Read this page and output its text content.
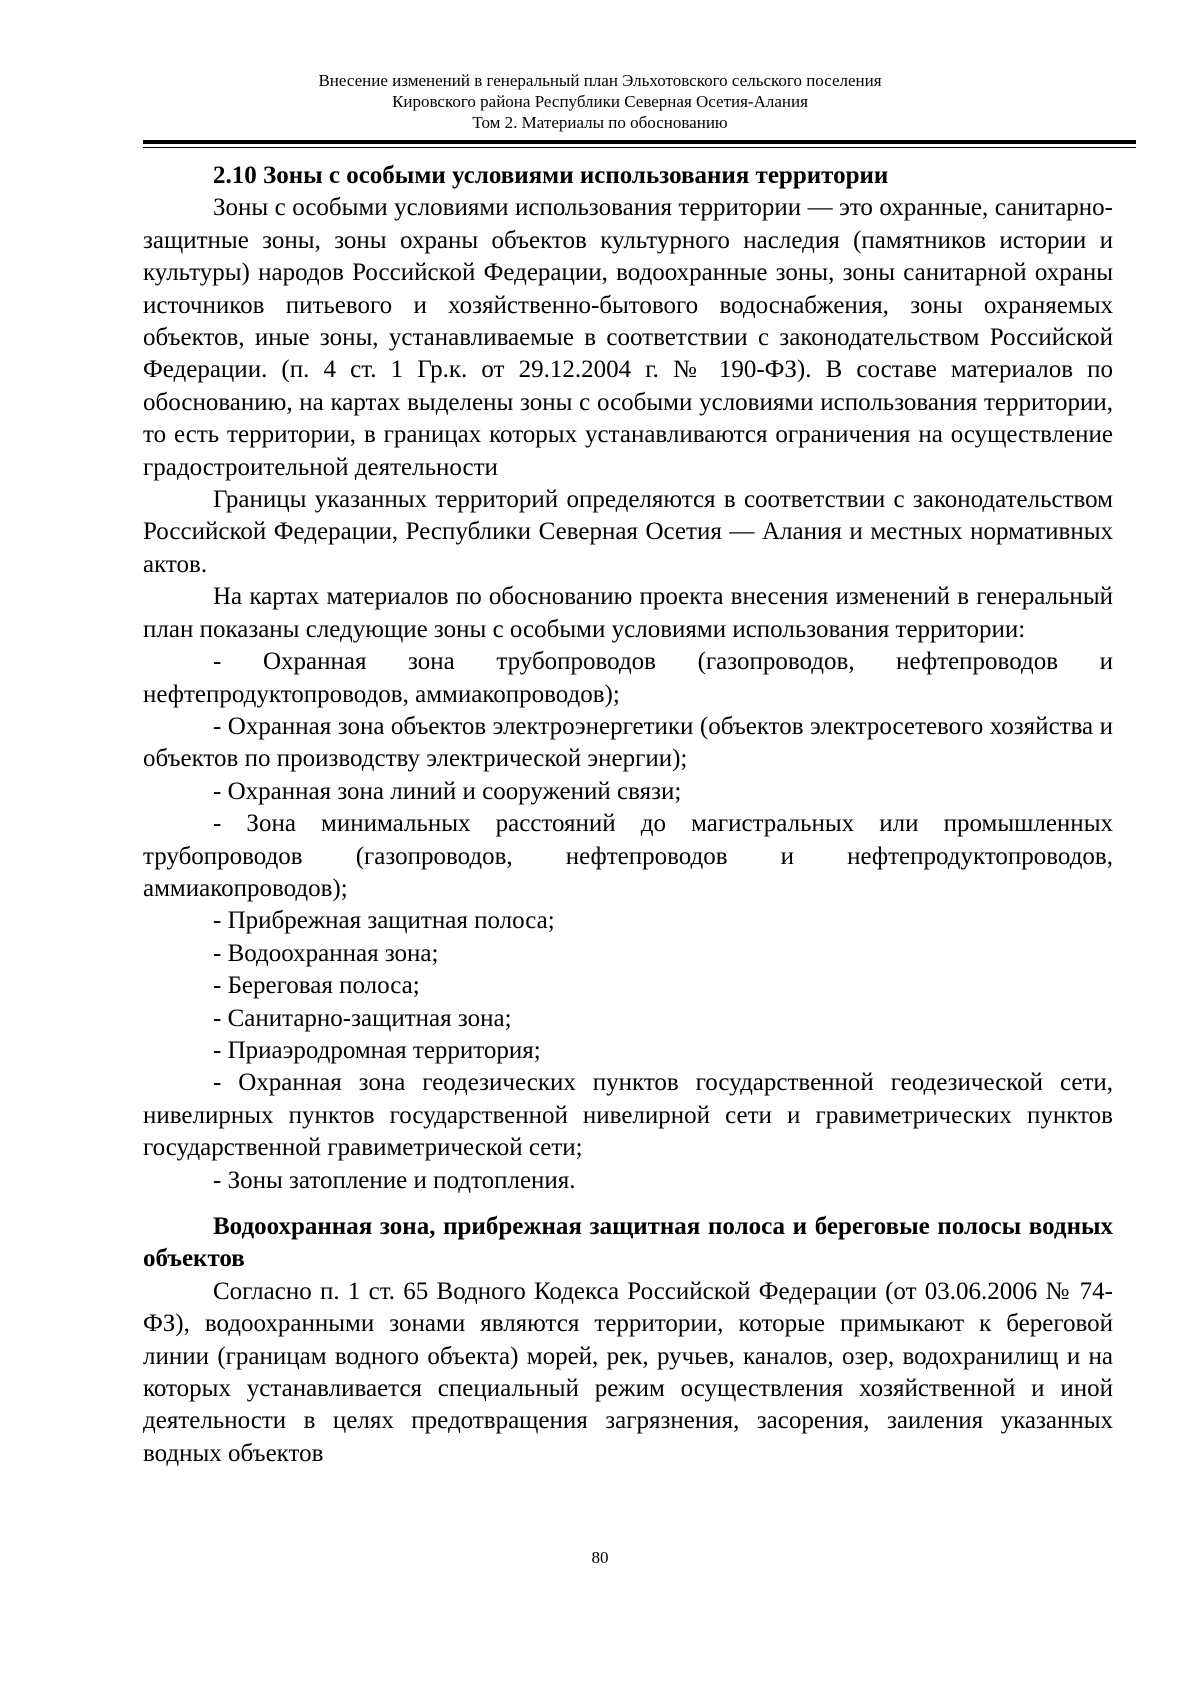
Внесение изменений в генеральный план Эльхотовского сельского поселения
Кировского района Республики Северная Осетия-Алания
Том 2. Материалы по обоснованию

2.10 Зоны с особыми условиями использования территории

Зоны с особыми условиями использования территории — это охранные, санитарно-защитные зоны, зоны охраны объектов культурного наследия (памятников истории и культуры) народов Российской Федерации, водоохранные зоны, зоны санитарной охраны источников питьевого и хозяйственно-бытового водоснабжения, зоны охраняемых объектов, иные зоны, устанавливаемые в соответствии с законодательством Российской Федерации. (п. 4 ст. 1 Гр.к. от 29.12.2004 г. № 190-ФЗ). В составе материалов по обоснованию, на картах выделены зоны с особыми условиями использования территории, то есть территории, в границах которых устанавливаются ограничения на осуществление градостроительной деятельности

Границы указанных территорий определяются в соответствии с законодательством Российской Федерации, Республики Северная Осетия — Алания и местных нормативных актов.

На картах материалов по обоснованию проекта внесения изменений в генеральный план показаны следующие зоны с особыми условиями использования территории:

- Охранная зона трубопроводов (газопроводов, нефтепроводов и нефтепродуктопроводов, аммиакопроводов);

- Охранная зона объектов электроэнергетики (объектов электросетевого хозяйства и объектов по производству электрической энергии);

- Охранная зона линий и сооружений связи;

- Зона минимальных расстояний до магистральных или промышленных трубопроводов (газопроводов, нефтепроводов и нефтепродуктопроводов, аммиакопроводов);

- Прибрежная защитная полоса;

- Водоохранная зона;

- Береговая полоса;

- Санитарно-защитная зона;

- Приаэродромная территория;

- Охранная зона геодезических пунктов государственной геодезической сети, нивелирных пунктов государственной нивелирной сети и гравиметрических пунктов государственной гравиметрической сети;

- Зоны затопление и подтопления.

Водоохранная зона, прибрежная защитная полоса и береговые полосы водных объектов

Согласно п. 1 ст. 65 Водного Кодекса Российской Федерации (от 03.06.2006 № 74-ФЗ), водоохранными зонами являются территории, которые примыкают к береговой линии (границам водного объекта) морей, рек, ручьев, каналов, озер, водохранилищ и на которых устанавливается специальный режим осуществления хозяйственной и иной деятельности в целях предотвращения загрязнения, засорения, заиления указанных водных объектов

80
